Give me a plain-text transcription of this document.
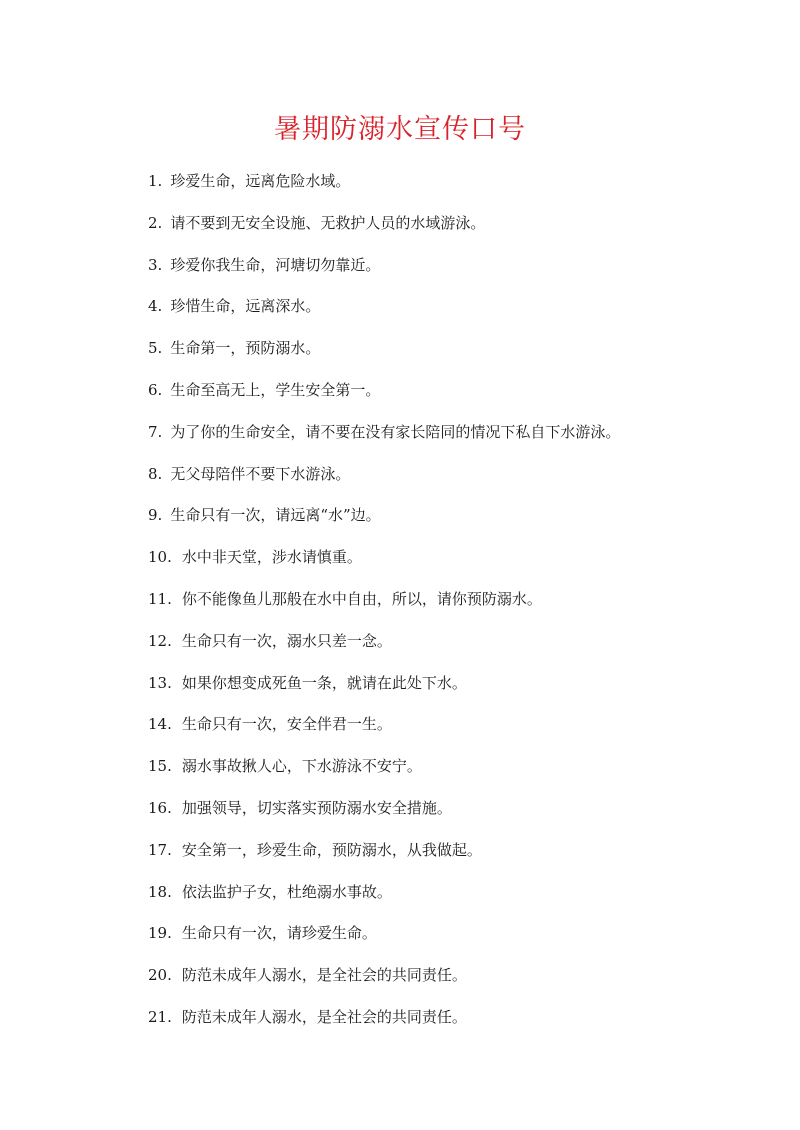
暑期防溺水宣传口号
1. 珍爱生命，远离危险水域。
2. 请不要到无安全设施、无救护人员的水域游泳。
3. 珍爱你我生命，河塘切勿靠近。
4. 珍惜生命，远离深水。
5. 生命第一，预防溺水。
6. 生命至高无上，学生安全第一。
7. 为了你的生命安全，请不要在没有家长陪同的情况下私自下水游泳。
8. 无父母陪伴不要下水游泳。
9. 生命只有一次，请远离“水”边。
10. 水中非天堂，涉水请慎重。
11. 你不能像鱼儿那般在水中自由，所以，请你预防溺水。
12. 生命只有一次，溺水只差一念。
13. 如果你想变成死鱼一条，就请在此处下水。
14. 生命只有一次，安全伴君一生。
15. 溺水事故揪人心，下水游泳不安宁。
16. 加强领导，切实落实预防溺水安全措施。
17. 安全第一，珍爱生命，预防溺水，从我做起。
18. 依法监护子女，杜绝溺水事故。
19. 生命只有一次，请珍爱生命。
20. 防范未成年人溺水，是全社会的共同责任。
21. 防范未成年人溺水，是全社会的共同责任。
